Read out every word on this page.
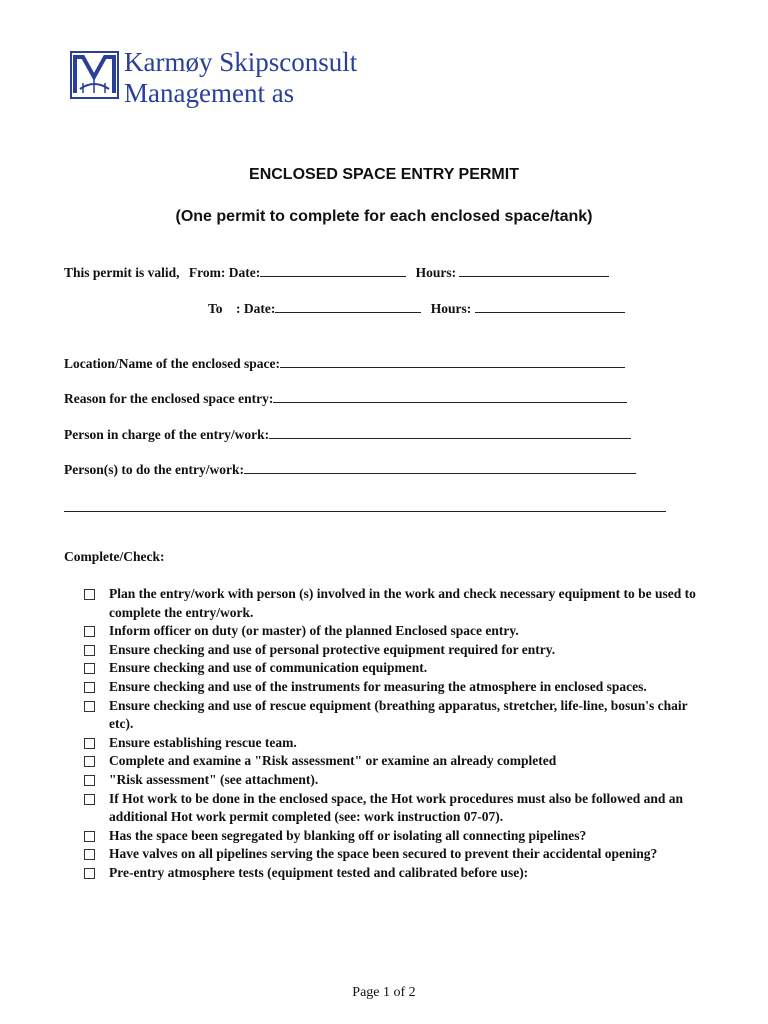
Karmøy Skipsconsult
Management as
ENCLOSED SPACE ENTRY PERMIT
(One permit to complete for each enclosed space/tank)
This permit is valid, From: Date:	Hours:
To    : Date:	Hours:
Location/Name of the enclosed space:
Reason for the enclosed space entry:
Person in charge of the entry/work:
Person(s) to do the entry/work:
Complete/Check:
Plan the entry/work with person (s) involved in the work and check necessary equipment to be used to complete the entry/work.
Inform officer on duty (or master) of the planned Enclosed space entry.
Ensure checking and use of personal protective equipment required for entry.
Ensure checking and use of communication equipment.
Ensure checking and use of the instruments for measuring the atmosphere in enclosed spaces.
Ensure checking and use of rescue equipment (breathing apparatus, stretcher, life-line, bosun's chair etc).
Ensure establishing rescue team.
Complete and examine a "Risk assessment" or examine an already completed
"Risk assessment" (see attachment).
If Hot work to be done in the enclosed space, the Hot work procedures must also be followed and an additional Hot work permit completed (see: work instruction 07-07).
Has the space been segregated by blanking off or isolating all connecting pipelines?
Have valves on all pipelines serving the space been secured to prevent their accidental opening?
Pre-entry atmosphere tests (equipment tested and calibrated before use):
Page 1 of 2
